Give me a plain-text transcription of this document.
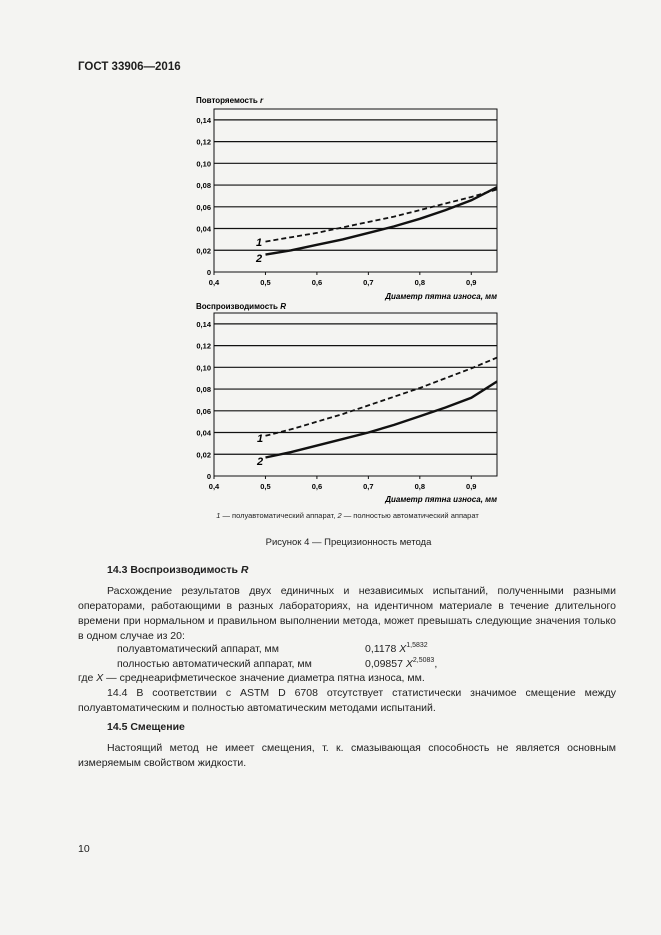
ГОСТ 33906—2016
Повторяемость r
0
0,02
0,04
0,06
0,08
0,10
0,12
0,14
0,4	0,5	0,6	0,7	0,8	0,9
Диаметр пятна износа, мм
1
2
Воспроизводимость R
0
0,02
0,04
0,06
0,08
0,10
0,12
0,14
0,4	0,5	0,6	0,7	0,8	0,9
Диаметр пятна износа, мм
1
2
1 — полуавтоматический аппарат, 2 — полностью автоматический аппарат
Рисунок 4 — Прецизионность метода
14.3 Воспроизводимость R
Расхождение результатов двух единичных и независимых испытаний, полученными разными операторами, работающими в разных лабораториях, на идентичном материале в течение длительного времени при нормальном и правильном выполнении метода, может превышать следующие значения только в одном случае из 20:
полуавтоматический аппарат, мм	0,1178 $X^{1,5832}$
полностью автоматический аппарат, мм	0,09857 $X^{2,5083}$,
где X — среднеарифметическое значение диаметра пятна износа, мм.
14.4 В соответствии с ASTM D 6708 отсутствует статистически значимое смещение между полуавтоматическим и полностью автоматическим методами испытаний.
14.5 Смещение
Настоящий метод не имеет смещения, т. к. смазывающая способность не является основным измеряемым свойством жидкости.
10
